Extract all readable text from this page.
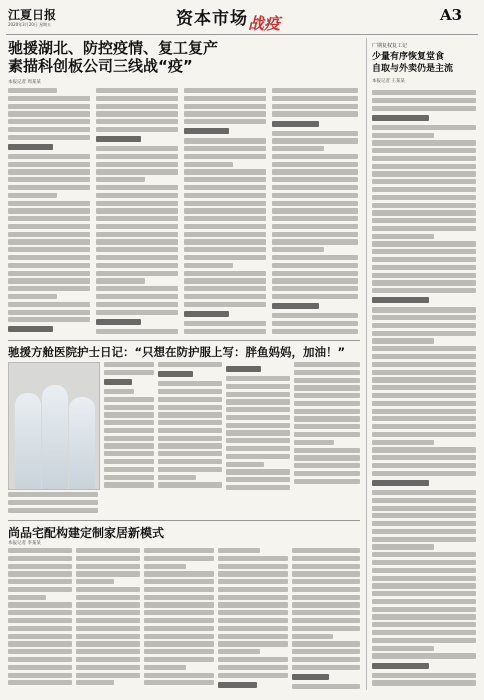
江夏日报
2020年3月20日 星期五	资本市场 战疫	A3
驰援湖北、防控疫情、复工复产
素描科创板公司三线战“疫”
本报记者 周某某
广期复权复工记
少量有序恢复堂食
自取与外卖仍是主流
本报记者 王某某
驰援方舱医院护士日记：“只想在防护服上写：胖鱼妈妈，加油！”
尚品宅配构建定制家居新模式
本报记者 李某某
